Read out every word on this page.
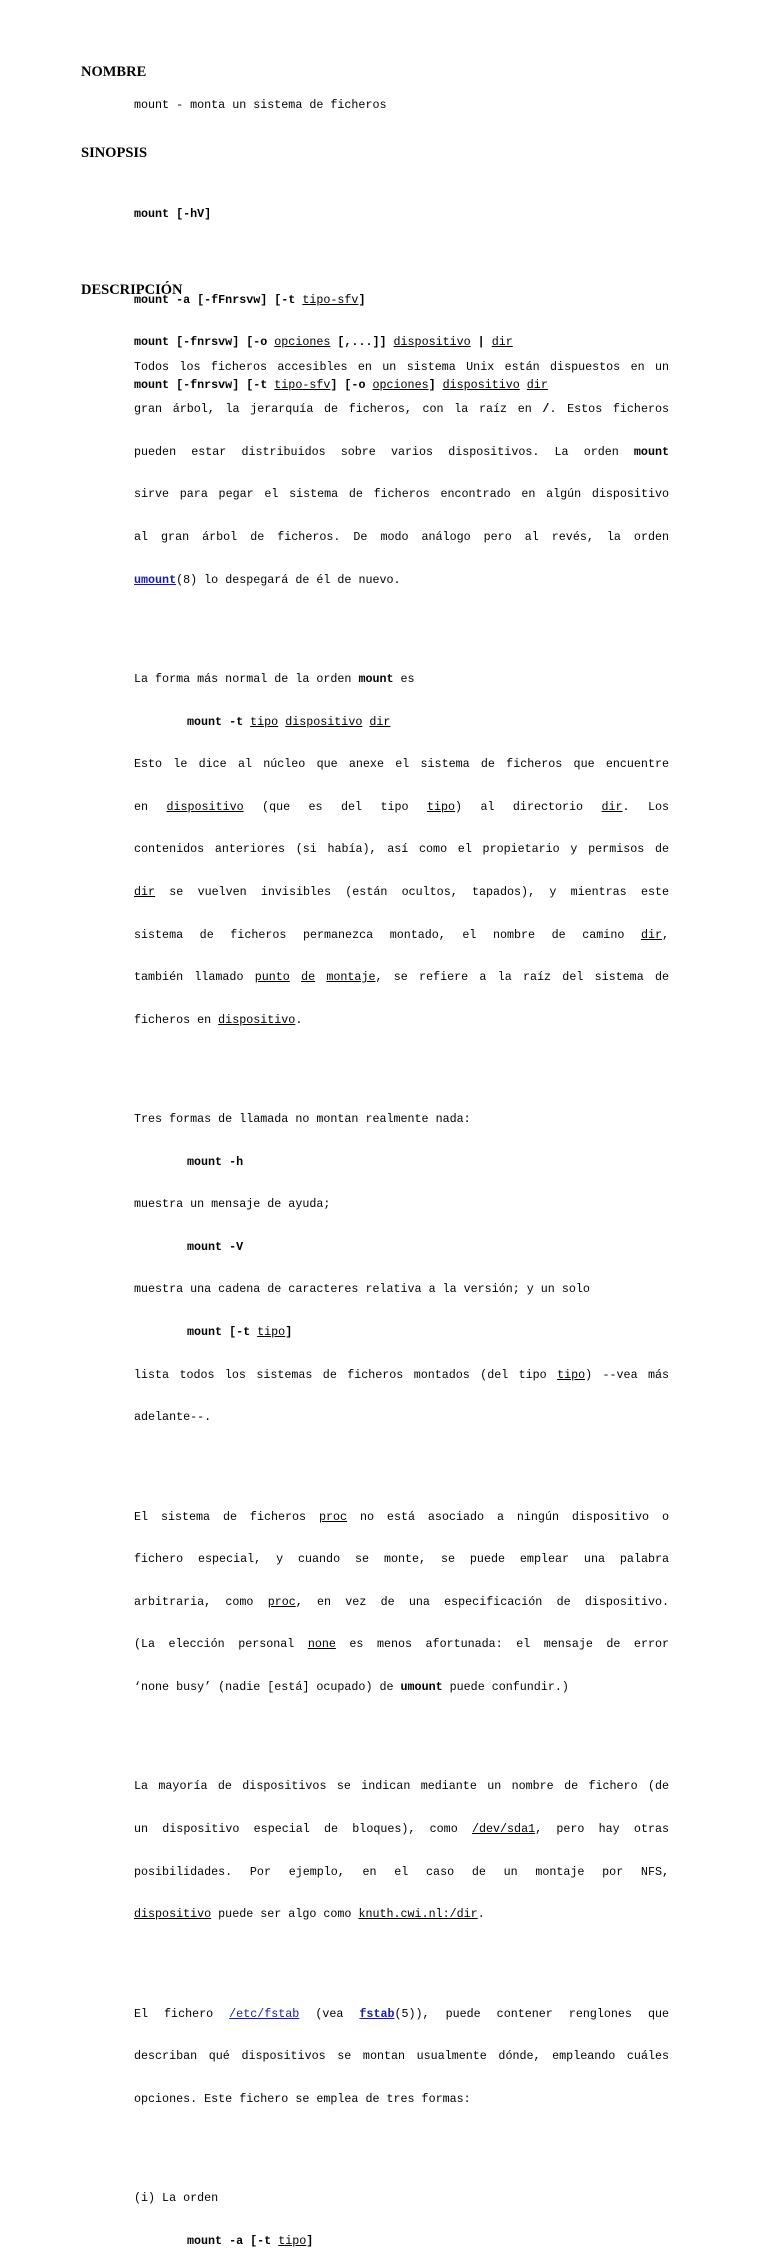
NOMBRE
SINOPSIS
DESCRIPCIÓN
mount - monta un sistema de ficheros

mount [-hV]

mount -a [-fFnrsvw] [-t tipo-sfv]

mount [-fnrsvw] [-o opciones [,...]] dispositivo | dir

mount [-fnrsvw] [-t tipo-sfv] [-o opciones] dispositivo dir

Todos los ficheros accesibles en un sistema Unix están dispuestos en un

gran árbol, la jerarquía de ficheros, con la raíz en /. Estos ficheros

pueden estar distribuidos sobre varios dispositivos. La orden mount

sirve para pegar el sistema de ficheros encontrado en algún dispositivo

al gran árbol de ficheros. De modo análogo pero al revés, la orden

umount(8) lo despegará de él de nuevo.

La forma más normal de la orden mount es

mount -t tipo dispositivo dir

Esto le dice al núcleo que anexe el sistema de ficheros que encuentre

en dispositivo (que es del tipo tipo) al directorio dir. Los

contenidos anteriores (si había), así como el propietario y permisos de

dir se vuelven invisibles (están ocultos, tapados), y mientras este

sistema de ficheros permanezca montado, el nombre de camino dir,

también llamado punto de montaje, se refiere a la raíz del sistema de

ficheros en dispositivo.

Tres formas de llamada no montan realmente nada:

mount -h

muestra un mensaje de ayuda;

mount -V

muestra una cadena de caracteres relativa a la versión; y un solo

mount [-t tipo]

lista todos los sistemas de ficheros montados (del tipo tipo) --vea más

adelante--.

El sistema de ficheros proc no está asociado a ningún dispositivo o

fichero especial, y cuando se monte, se puede emplear una palabra

arbitraria, como proc, en vez de una especificación de dispositivo.

(La elección personal none es menos afortunada: el mensaje de error

‘none busy’ (nadie [está] ocupado) de umount puede confundir.)

La mayoría de dispositivos se indican mediante un nombre de fichero (de

un dispositivo especial de bloques), como /dev/sda1, pero hay otras

posibilidades. Por ejemplo, en el caso de un montaje por NFS,

dispositivo puede ser algo como knuth.cwi.nl:/dir.

El fichero /etc/fstab (vea fstab(5)), puede contener renglones que

describan qué dispositivos se montan usualmente dónde, empleando cuáles

opciones. Este fichero se emplea de tres formas:

(i) La orden

mount -a [-t tipo]
